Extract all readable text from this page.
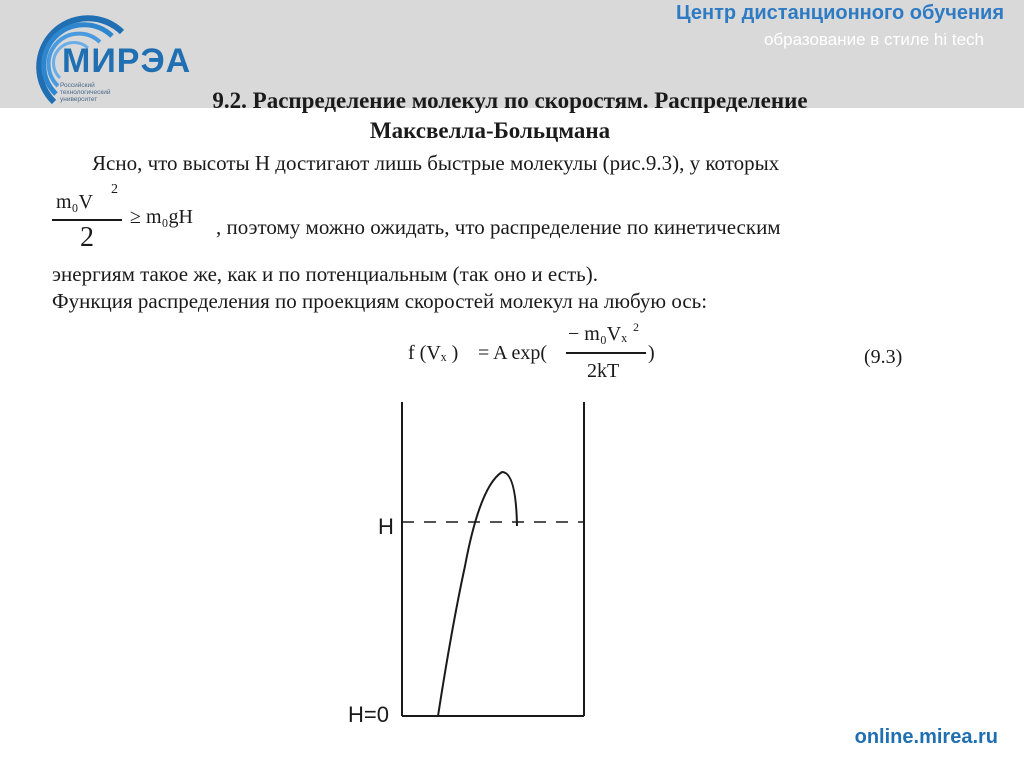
МИРЭА
Российский технологический университет
Центр дистанционного обучения
образование в стиле hi tech
9.2. Распределение молекул по скоростям. Распределение
Максвелла-Больцмана
Ясно, что высоты H достигают лишь быстрые молекулы (рис.9.3), у которых
m₀V
2
2
≥ m₀gH , поэтому можно ожидать, что распределение по кинетическим
энергиям такое же, как и по потенциальным (так оно и есть).
Функция распределения по проекциям скоростей молекул на любую ось:
f (Vₓ ) = A exp(
− m₀Vₓ 2
2kT
)	(9.3)
H
H=0
online.mirea.ru
